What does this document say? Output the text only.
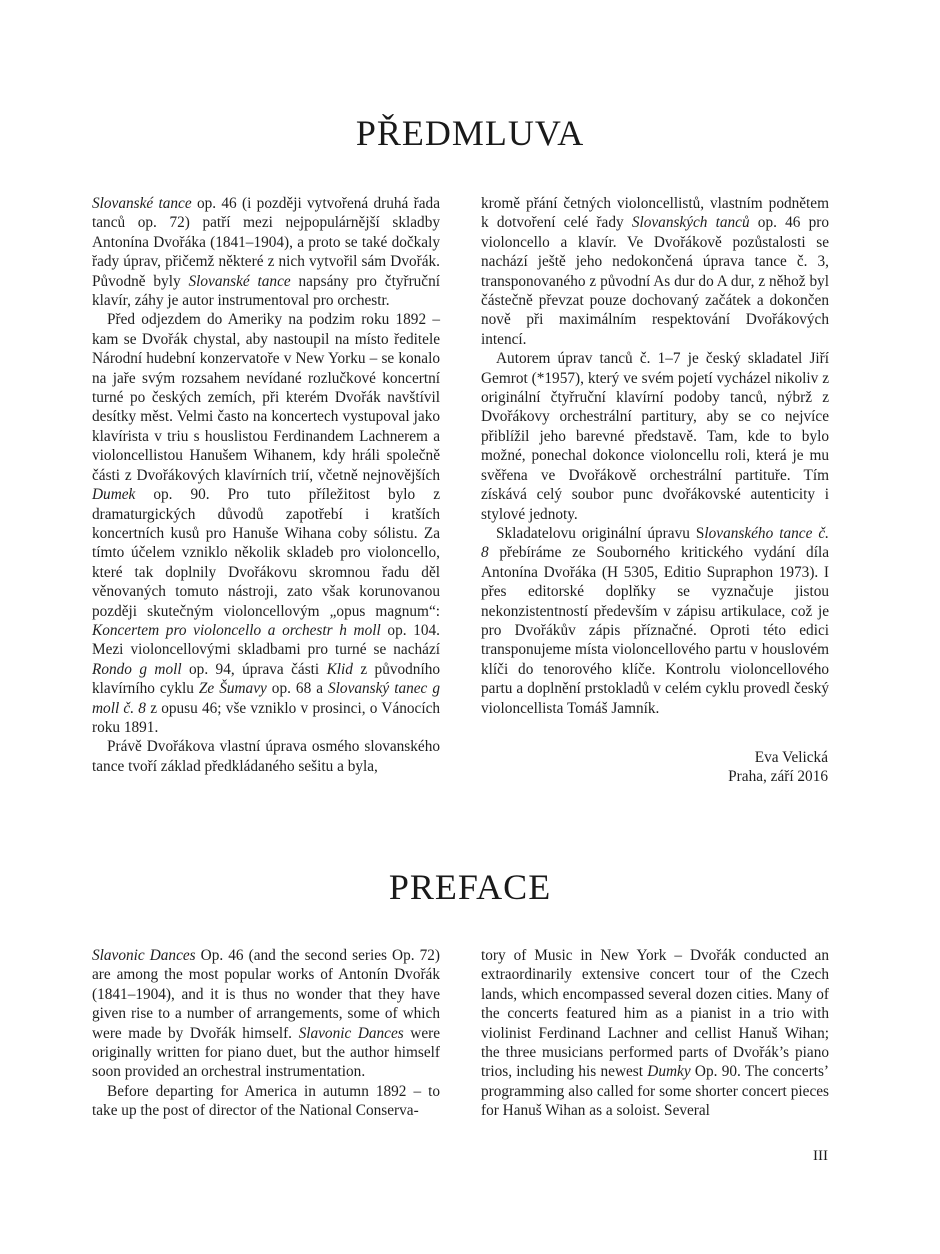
PŘEDMLUVA

Slovanské tance op. 46 (i později vytvořená druhá řada tanců op. 72) patří mezi nejpopulárnější skladby Antonína Dvořáka (1841–1904), a proto se také dočkaly řady úprav, přičemž některé z nich vytvořil sám Dvořák. Původně byly Slovanské tance napsány pro čtyřruční klavír, záhy je autor instrumentoval pro orchestr.

Před odjezdem do Ameriky na podzim roku 1892 – kam se Dvořák chystal, aby nastoupil na místo ředitele Národní hudební konzervatoře v New Yorku – se konalo na jaře svým rozsahem nevídané rozlučkové koncertní turné po českých zemích, při kterém Dvořák navštívil desítky měst. Velmi často na koncertech vystupoval jako klavírista v triu s houslistou Ferdinandem Lachnerem a violoncellistou Hanušem Wihanem, kdy hráli společně části z Dvořákových klavírních trií, včetně nejnovějších Dumek op. 90. Pro tuto příležitost bylo z dramaturgických důvodů zapotřebí i kratších koncertních kusů pro Hanuše Wihana coby sólistu. Za tímto účelem vzniklo několik skladeb pro violoncello, které tak doplnily Dvořákovu skromnou řadu děl věnovaných tomuto nástroji, zato však korunovanou později skutečným violoncellovým „opus magnum“: Koncertem pro violoncello a orchestr h moll op. 104. Mezi violoncellovými skladbami pro turné se nachází Rondo g moll op. 94, úprava části Klid z původního klavírního cyklu Ze Šumavy op. 68 a Slovanský tanec g moll č. 8 z opusu 46; vše vzniklo v prosinci, o Vánocích roku 1891.

Právě Dvořákova vlastní úprava osmého slovanského tance tvoří základ předkládaného sešitu a byla,

kromě přání četných violoncellistů, vlastním podnětem k dotvoření celé řady Slovanských tanců op. 46 pro violoncello a klavír. Ve Dvořákově pozůstalosti se nachází ještě jeho nedokončená úprava tance č. 3, transponovaného z původní As dur do A dur, z něhož byl částečně převzat pouze dochovaný začátek a dokončen nově při maximálním respektování Dvořákových intencí.

Autorem úprav tanců č. 1–7 je český skladatel Jiří Gemrot (*1957), který ve svém pojetí vycházel nikoliv z originální čtyřruční klavírní podoby tanců, nýbrž z Dvořákovy orchestrální partitury, aby se co nejvíce přiblížil jeho barevné představě. Tam, kde to bylo možné, ponechal dokonce violoncellu roli, která je mu svěřena ve Dvořákově orchestrální partituře. Tím získává celý soubor punc dvořákovské autenticity i stylové jednoty.

Skladatelovu originální úpravu Slovanského tance č. 8 přebíráme ze Souborného kritického vydání díla Antonína Dvořáka (H 5305, Editio Supraphon 1973). I přes editorské doplňky se vyznačuje jistou nekonzistentností především v zápisu artikulace, což je pro Dvořákův zápis příznačné. Oproti této edici transponujeme místa violoncellového partu v houslovém klíči do tenorového klíče. Kontrolu violoncellového partu a doplnění prstokladů v celém cyklu provedl český violoncellista Tomáš Jamník.

Eva Velická
Praha, září 2016
PREFACE

Slavonic Dances Op. 46 (and the second series Op. 72) are among the most popular works of Antonín Dvořák (1841–1904), and it is thus no wonder that they have given rise to a number of arrangements, some of which were made by Dvořák himself. Slavonic Dances were originally written for piano duet, but the author himself soon provided an orchestral instrumentation.

Before departing for America in autumn 1892 – to take up the post of director of the National Conserva-

tory of Music in New York – Dvořák conducted an extraordinarily extensive concert tour of the Czech lands, which encompassed several dozen cities. Many of the concerts featured him as a pianist in a trio with violinist Ferdinand Lachner and cellist Hanuš Wihan; the three musicians performed parts of Dvořák’s piano trios, including his newest Dumky Op. 90. The concerts’ programming also called for some shorter concert pieces for Hanuš Wihan as a soloist. Several

III
